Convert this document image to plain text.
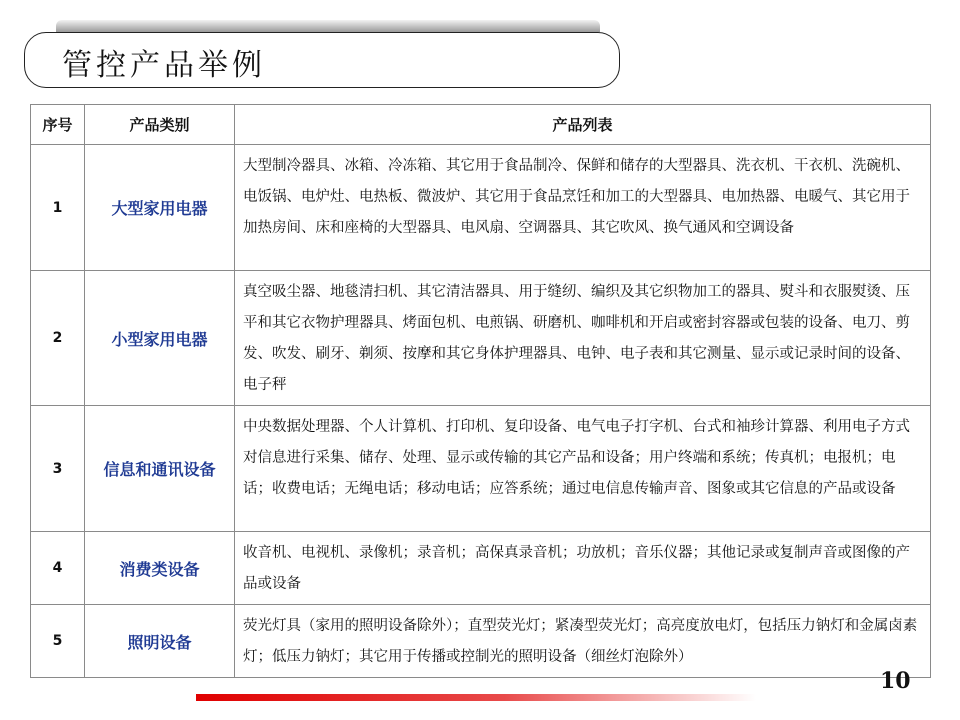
管控产品举例
序号	产品类别	产品列表
1	大型家用电器	大型制冷器具、冰箱、冷冻箱、其它用于食品制冷、保鲜和储存的大型器具、洗衣机、干衣机、洗碗机、电饭锅、电炉灶、电热板、微波炉、其它用于食品烹饪和加工的大型器具、电加热器、电暖气、其它用于加热房间、床和座椅的大型器具、电风扇、空调器具、其它吹风、换气通风和空调设备
2	小型家用电器	真空吸尘器、地毯清扫机、其它清洁器具、用于缝纫、编织及其它织物加工的器具、熨斗和衣服熨烫、压平和其它衣物护理器具、烤面包机、电煎锅、研磨机、咖啡机和开启或密封容器或包装的设备、电刀、剪发、吹发、刷牙、剃须、按摩和其它身体护理器具、电钟、电子表和其它测量、显示或记录时间的设备、电子秤
3	信息和通讯设备	中央数据处理器、个人计算机、打印机、复印设备、电气电子打字机、台式和袖珍计算器、利用电子方式对信息进行采集、储存、处理、显示或传输的其它产品和设备；用户终端和系统；传真机；电报机；电话；收费电话；无绳电话；移动电话；应答系统；通过电信息传输声音、图象或其它信息的产品或设备
4	消费类设备	收音机、电视机、录像机；录音机；高保真录音机；功放机；音乐仪器；其他记录或复制声音或图像的产品或设备
5	照明设备	荧光灯具（家用的照明设备除外）；直型荧光灯；紧凑型荧光灯；高亮度放电灯，包括压力钠灯和金属卤素灯；低压力钠灯；其它用于传播或控制光的照明设备（细丝灯泡除外）
10
